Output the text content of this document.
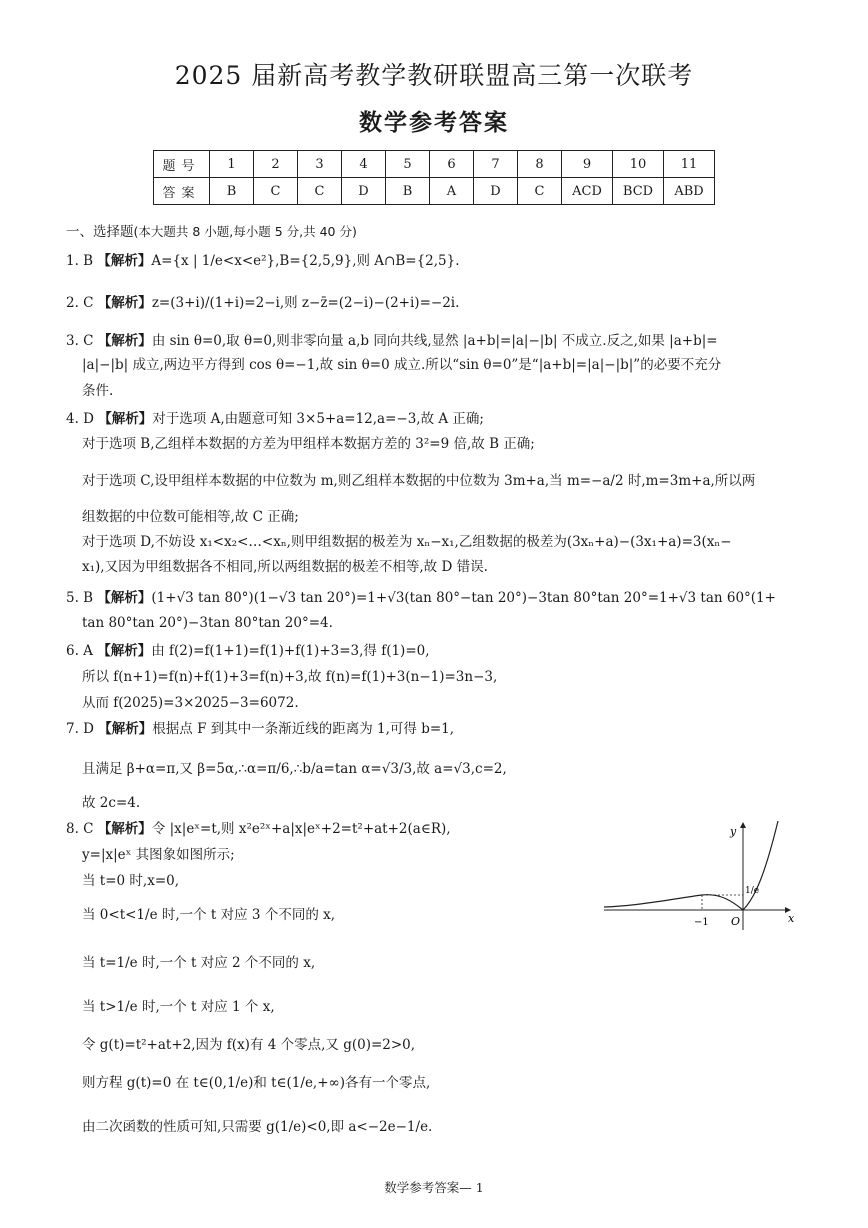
2025 届新高考教学教研联盟高三第一次联考
数学参考答案
题号	1	2	3	4	5	6	7	8	9	10	11
答案	B	C	C	D	B	A	D	C	ACD	BCD	ABD
一、选择题(本大题共 8 小题,每小题 5 分,共 40 分)
1. B 【解析】A={x | 1/e<x<e²},B={2,5,9},则 A∩B={2,5}.
2. C 【解析】z=(3+i)/(1+i)=2−i,则 z−z̄=(2−i)−(2+i)=−2i.
3. C 【解析】由 sin θ=0,取 θ=0,则非零向量 a,b 同向共线,显然 |a+b|=|a|−|b| 不成立.反之,如果 |a+b|=
|a|−|b| 成立,两边平方得到 cos θ=−1,故 sin θ=0 成立.所以“sin θ=0”是“|a+b|=|a|−|b|”的必要不充分
条件.
4. D 【解析】对于选项 A,由题意可知 3×5+a=12,a=−3,故 A 正确;
对于选项 B,乙组样本数据的方差为甲组样本数据方差的 3²=9 倍,故 B 正确;
对于选项 C,设甲组样本数据的中位数为 m,则乙组样本数据的中位数为 3m+a,当 m=−a/2 时,m=3m+a,所以两
组数据的中位数可能相等,故 C 正确;
对于选项 D,不妨设 x₁<x₂<…<xₙ,则甲组数据的极差为 xₙ−x₁,乙组数据的极差为(3xₙ+a)−(3x₁+a)=3(xₙ−
x₁),又因为甲组数据各不相同,所以两组数据的极差不相等,故 D 错误.
5. B 【解析】(1+√3 tan 80°)(1−√3 tan 20°)=1+√3(tan 80°−tan 20°)−3tan 80°tan 20°=1+√3 tan 60°(1+
tan 80°tan 20°)−3tan 80°tan 20°=4.
6. A 【解析】由 f(2)=f(1+1)=f(1)+f(1)+3=3,得 f(1)=0,
所以 f(n+1)=f(n)+f(1)+3=f(n)+3,故 f(n)=f(1)+3(n−1)=3n−3,
从而 f(2025)=3×2025−3=6072.
7. D 【解析】根据点 F 到其中一条渐近线的距离为 1,可得 b=1,
且满足 β+α=π,又 β=5α,∴α=π/6,∴b/a=tan α=√3/3,故 a=√3,c=2,
故 2c=4.
8. C 【解析】令 |x|eˣ=t,则 x²e²ˣ+a|x|eˣ+2=t²+at+2(a∈R),
y=|x|eˣ 其图象如图所示;
当 t=0 时,x=0,
当 0<t<1/e 时,一个 t 对应 3 个不同的 x,
当 t=1/e 时,一个 t 对应 2 个不同的 x,
当 t>1/e 时,一个 t 对应 1 个 x,
令 g(t)=t²+at+2,因为 f(x)有 4 个零点,又 g(0)=2>0,
则方程 g(t)=0 在 t∈(0,1/e)和 t∈(1/e,+∞)各有一个零点,
由二次函数的性质可知,只需要 g(1/e)<0,即 a<−2e−1/e.
y
x
O
−1
1/e
数学参考答案— 1
